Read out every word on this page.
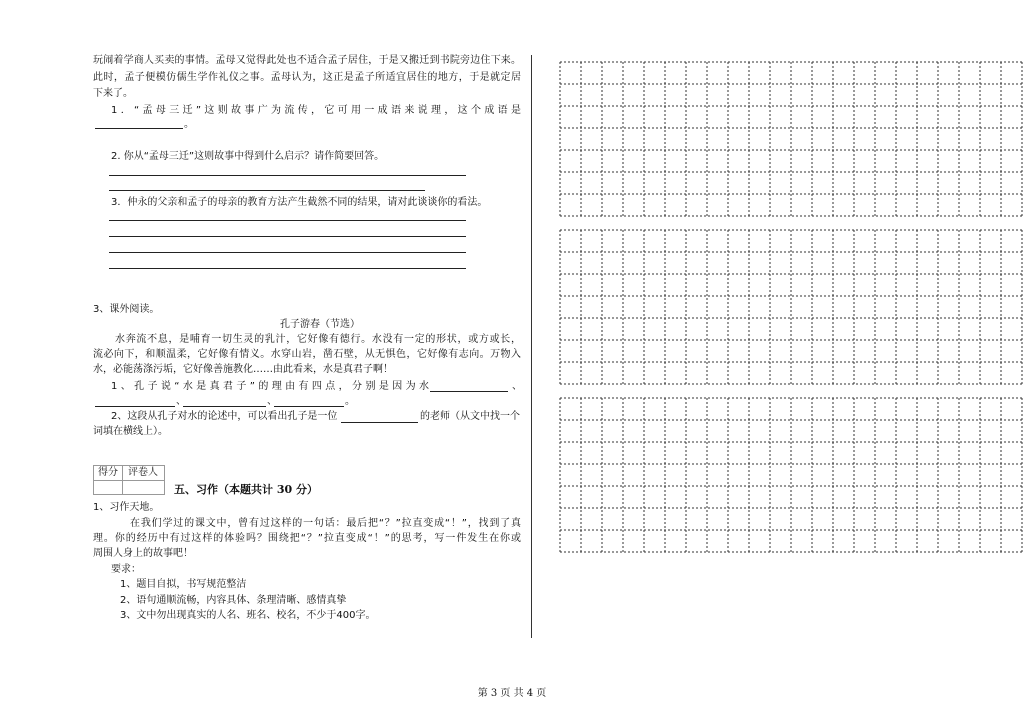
玩闹着学商人买卖的事情。孟母又觉得此处也不适合孟子居住，于是又搬迁到书院旁边住下来。
此时，孟子便模仿儒生学作礼仪之事。孟母认为，这正是孟子所适宜居住的地方，于是就定居
下来了。
1．“孟母三迁”这则故事广为流传，它可用一成语来说理，这个成语是
。
2. 你从“孟母三迁”这则故事中得到什么启示？请作简要回答。
3．仲永的父亲和孟子的母亲的教育方法产生截然不同的结果，请对此谈谈你的看法。
3、课外阅读。
孔子游春（节选）
水奔流不息，是哺育一切生灵的乳汁，它好像有德行。水没有一定的形状，或方或长，
流必向下，和顺温柔，它好像有情义。水穿山岩，凿石壁，从无惧色，它好像有志向。万物入
水，必能荡涤污垢，它好像善施教化……由此看来，水是真君子啊！
1、孔子说“水是真君子”的理由有四点，分别是因为水	、
、	、	。
2、这段从孔子对水的论述中，可以看出孔子是一位	的老师（从文中找一个
词填在横线上）。
得分	评卷人
五、习作（本题共计 30 分）
1、习作天地。
在我们学过的课文中，曾有过这样的一句话：最后把“？”拉直变成“！”，找到了真
理。你的经历中有过这样的体验吗？围绕把“？”拉直变成“！”的思考，写一件发生在你或
周围人身上的故事吧！
要求：
1、题目自拟，书写规范整洁
2、语句通顺流畅，内容具体、条理清晰、感情真挚
3、文中勿出现真实的人名、班名、校名，不少于400字。
第 3 页 共 4 页
